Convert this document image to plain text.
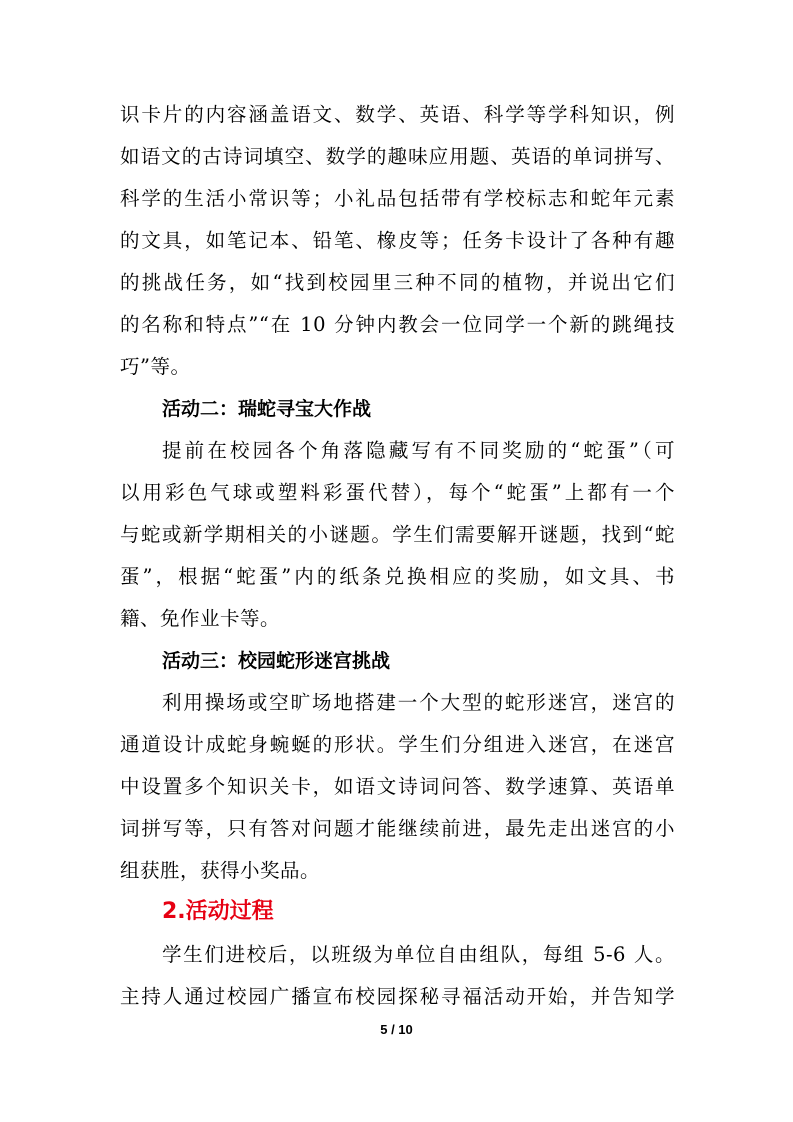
识卡片的内容涵盖语文、数学、英语、科学等学科知识，例
如语文的古诗词填空、数学的趣味应用题、英语的单词拼写、
科学的生活小常识等；小礼品包括带有学校标志和蛇年元素
的文具，如笔记本、铅笔、橡皮等；任务卡设计了各种有趣
的挑战任务，如“找到校园里三种不同的植物，并说出它们
的名称和特点”“在 10 分钟内教会一位同学一个新的跳绳技
巧”等。
活动二：瑞蛇寻宝大作战
提前在校园各个角落隐藏写有不同奖励的“蛇蛋”（可
以用彩色气球或塑料彩蛋代替），每个“蛇蛋”上都有一个
与蛇或新学期相关的小谜题。学生们需要解开谜题，找到“蛇
蛋”，根据“蛇蛋”内的纸条兑换相应的奖励，如文具、书
籍、免作业卡等。
活动三：校园蛇形迷宫挑战
利用操场或空旷场地搭建一个大型的蛇形迷宫，迷宫的
通道设计成蛇身蜿蜒的形状。学生们分组进入迷宫，在迷宫
中设置多个知识关卡，如语文诗词问答、数学速算、英语单
词拼写等，只有答对问题才能继续前进，最先走出迷宫的小
组获胜，获得小奖品。
2.活动过程
学生们进校后，以班级为单位自由组队，每组 5-6 人。
主持人通过校园广播宣布校园探秘寻福活动开始，并告知学
5 / 10
